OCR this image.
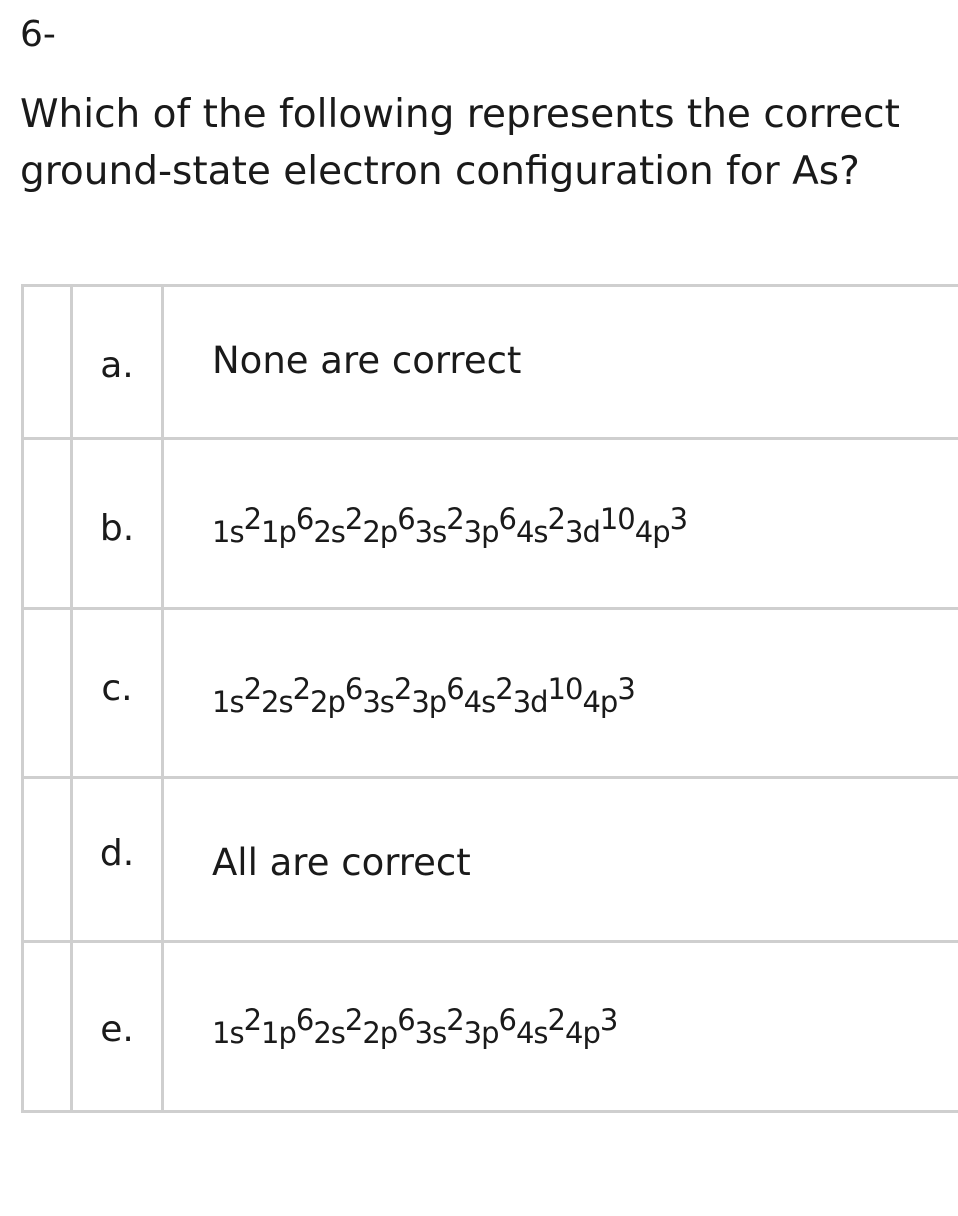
6-
Which of the following represents the correct ground-state electron configuration for As?
	a.	None are correct
	b.	$1s^21p^62s^22p^63s^23p^64s^23d^{10}4p^3$
	c.	$1s^22s^22p^63s^23p^64s^23d^{10}4p^3$
	d.	All are correct
	e.	$1s^21p^62s^22p^63s^23p^64s^24p^3$
